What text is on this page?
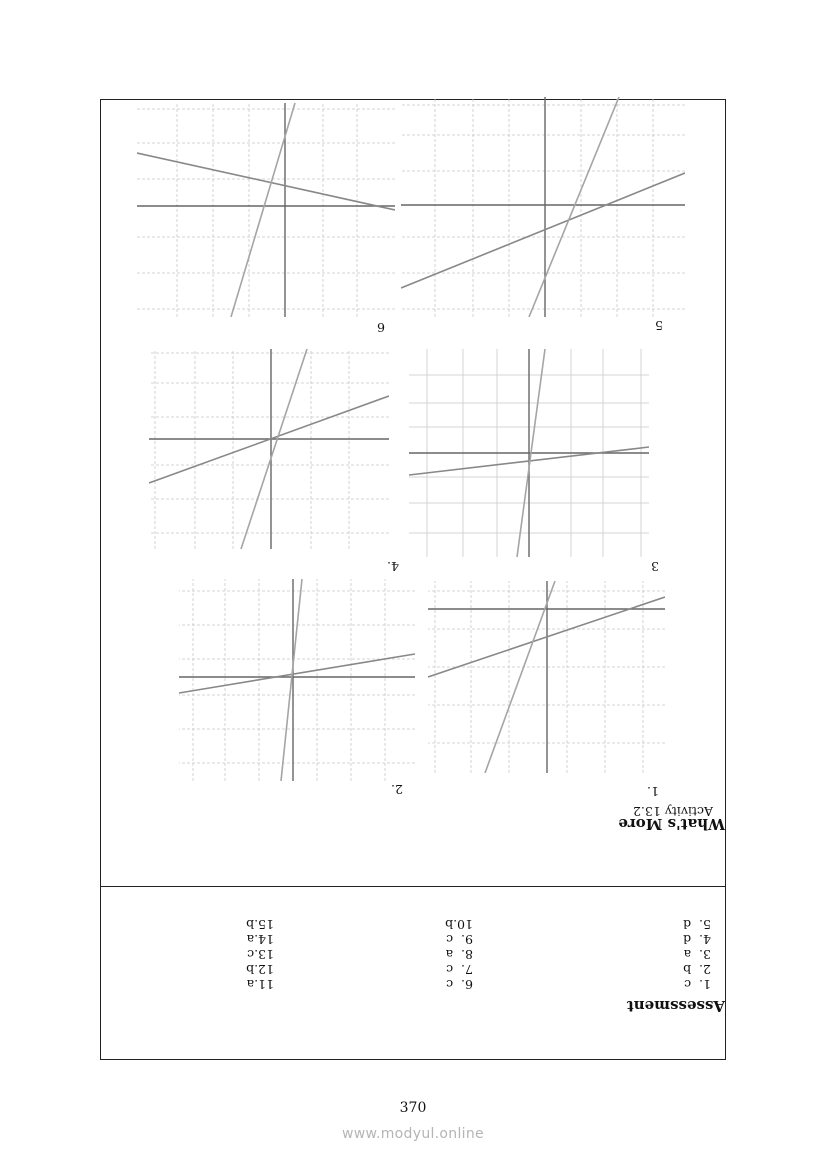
Assessment
1.  c
2.  b
3.  a
4.  d
5.  d
6.  c
7.  c
8.  a
9.  c
10.b
11.a
12.b
13.c
14.a
15.b
What's More
Activity 13.2
1.
2.
3
4.
5
6
370
www.modyul.online
